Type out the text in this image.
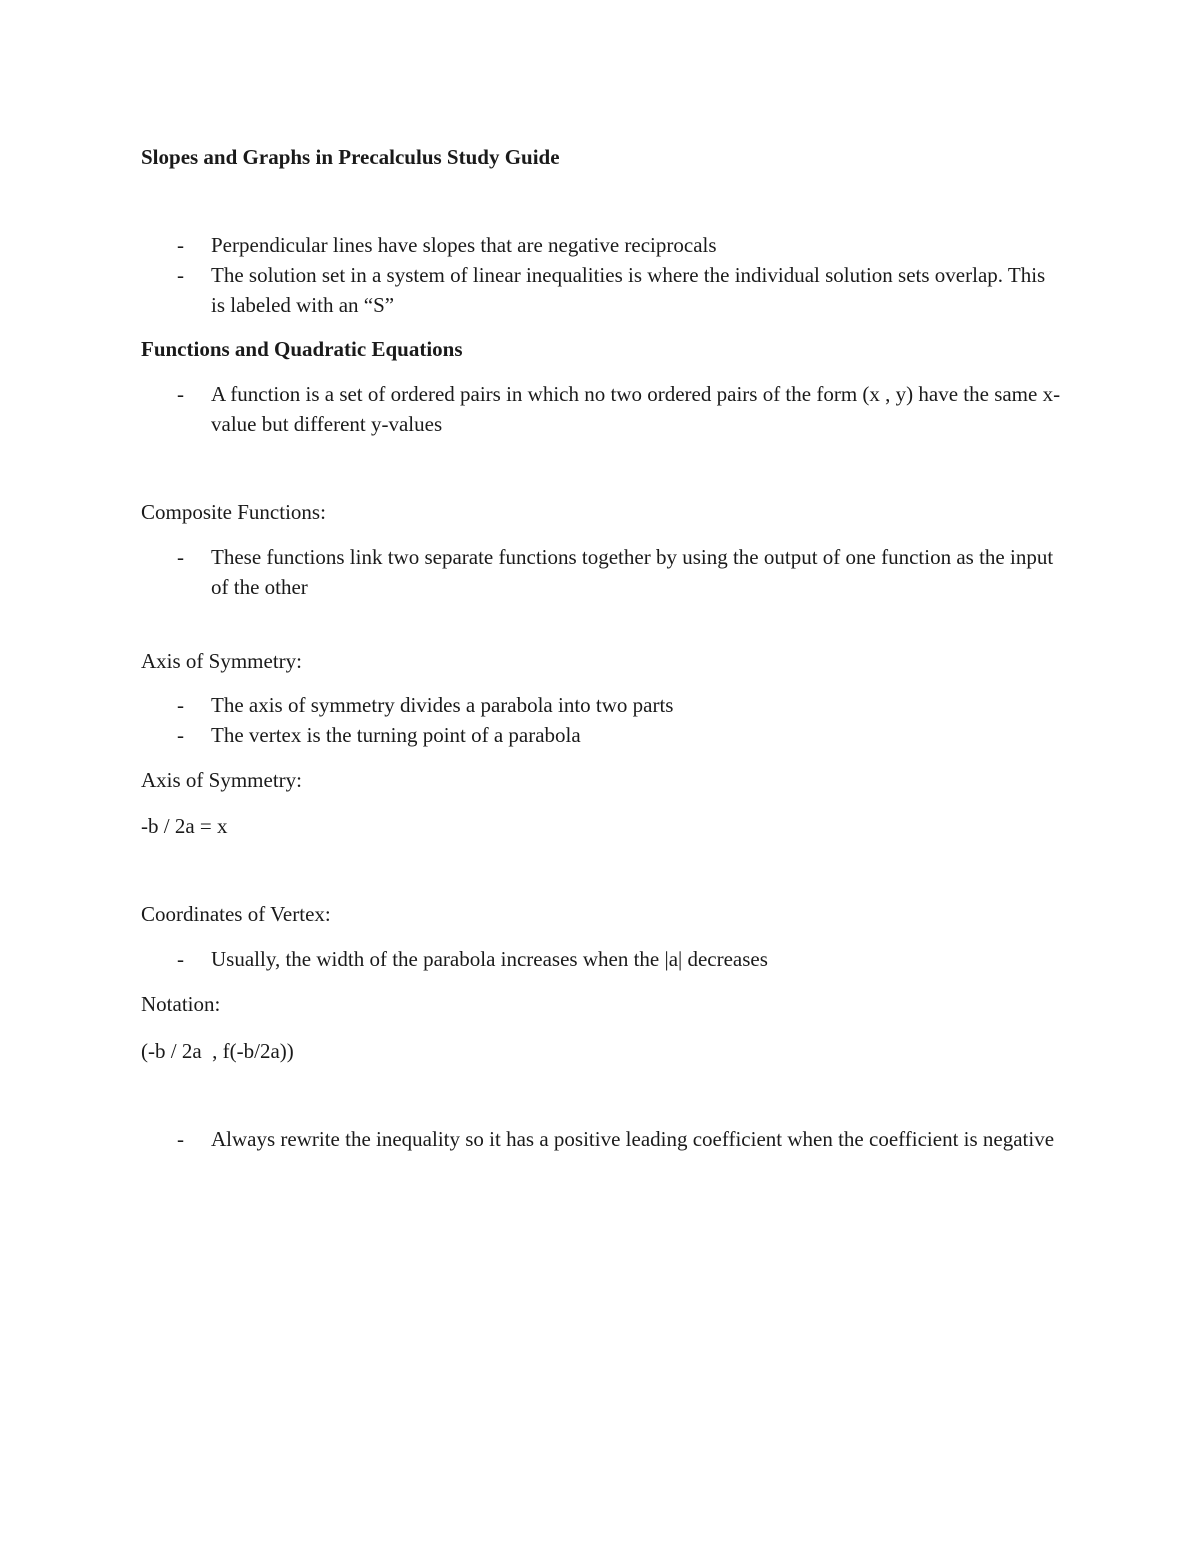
Slopes and Graphs in Precalculus Study Guide

- Perpendicular lines have slopes that are negative reciprocals
- The solution set in a system of linear inequalities is where the individual solution sets overlap. This is labeled with an “S”

Functions and Quadratic Equations

- A function is a set of ordered pairs in which no two ordered pairs of the form (x , y) have the same x-value but different y-values

Composite Functions:

- These functions link two separate functions together by using the output of one function as the input of the other

Axis of Symmetry:

- The axis of symmetry divides a parabola into two parts
- The vertex is the turning point of a parabola

Axis of Symmetry:

-b / 2a = x

Coordinates of Vertex:

- Usually, the width of the parabola increases when the |a| decreases

Notation:

(-b / 2a  , f(-b/2a))

- Always rewrite the inequality so it has a positive leading coefficient when the coefficient is negative
